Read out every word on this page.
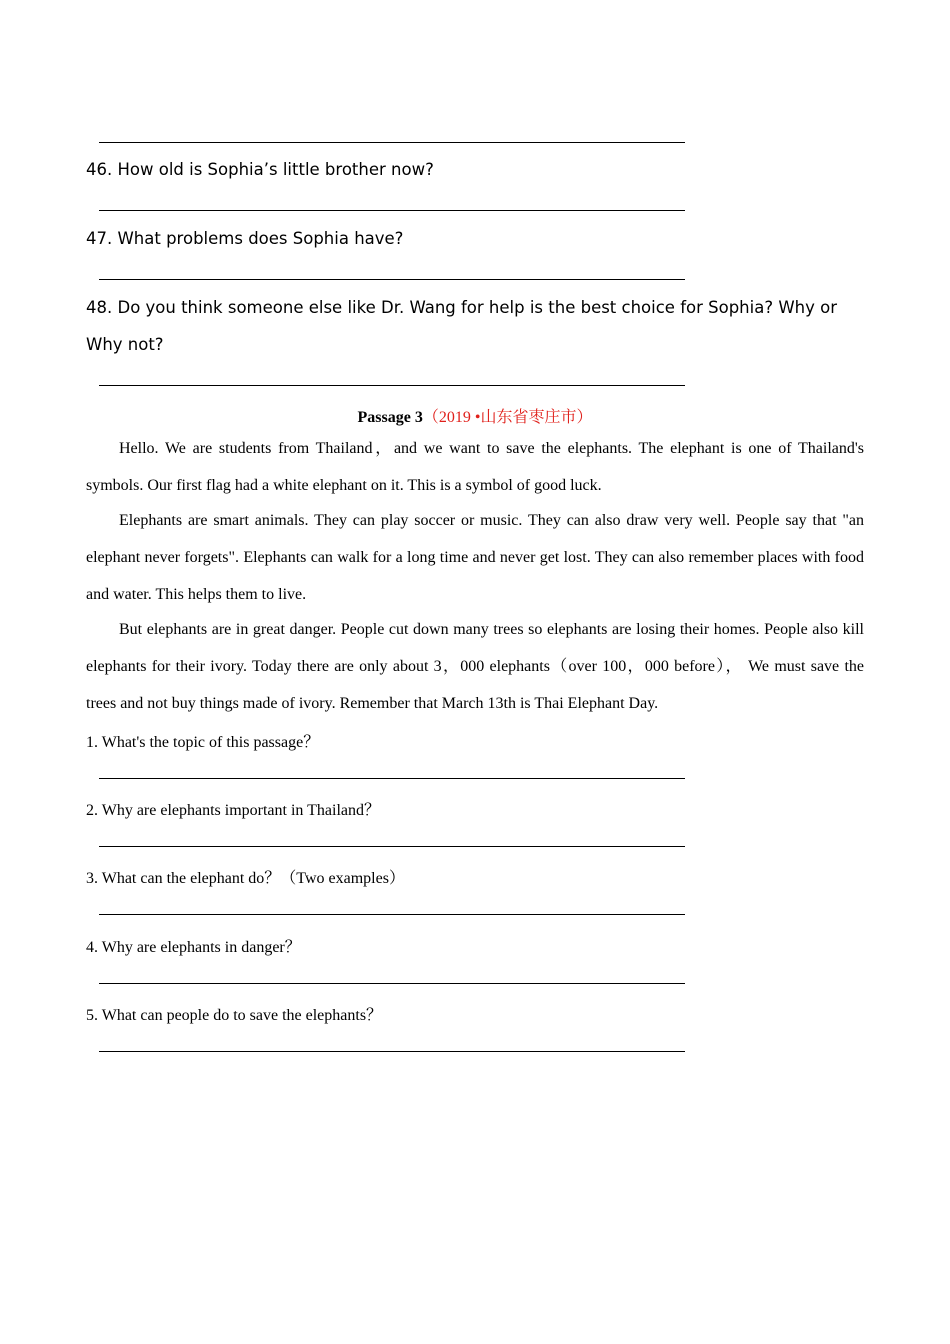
46. How old is Sophia’s little brother now?
47. What problems does Sophia have?
48. Do you think someone else like Dr. Wang for help is the best choice for Sophia? Why or Why not?
Passage 3（2019 •山东省枣庄市）
Hello. We are students from Thailand，and we want to save the elephants. The elephant is one of Thailand's symbols. Our first flag had a white elephant on it. This is a symbol of good luck.
Elephants are smart animals. They can play soccer or music. They can also draw very well. People say that "an elephant never forgets". Elephants can walk for a long time and never get lost. They can also remember places with food and water. This helps them to live.
But elephants are in great danger. People cut down many trees so elephants are losing their homes. People also kill elephants for their ivory. Today there are only about 3，000 elephants（over 100，000 before）， We must save the trees and not buy things made of ivory. Remember that March 13th is Thai Elephant Day.
1. What's the topic of this passage？
2. Why are elephants important in Thailand？
3. What can the elephant do？（Two examples）
4. Why are elephants in danger？
5. What can people do to save the elephants？
